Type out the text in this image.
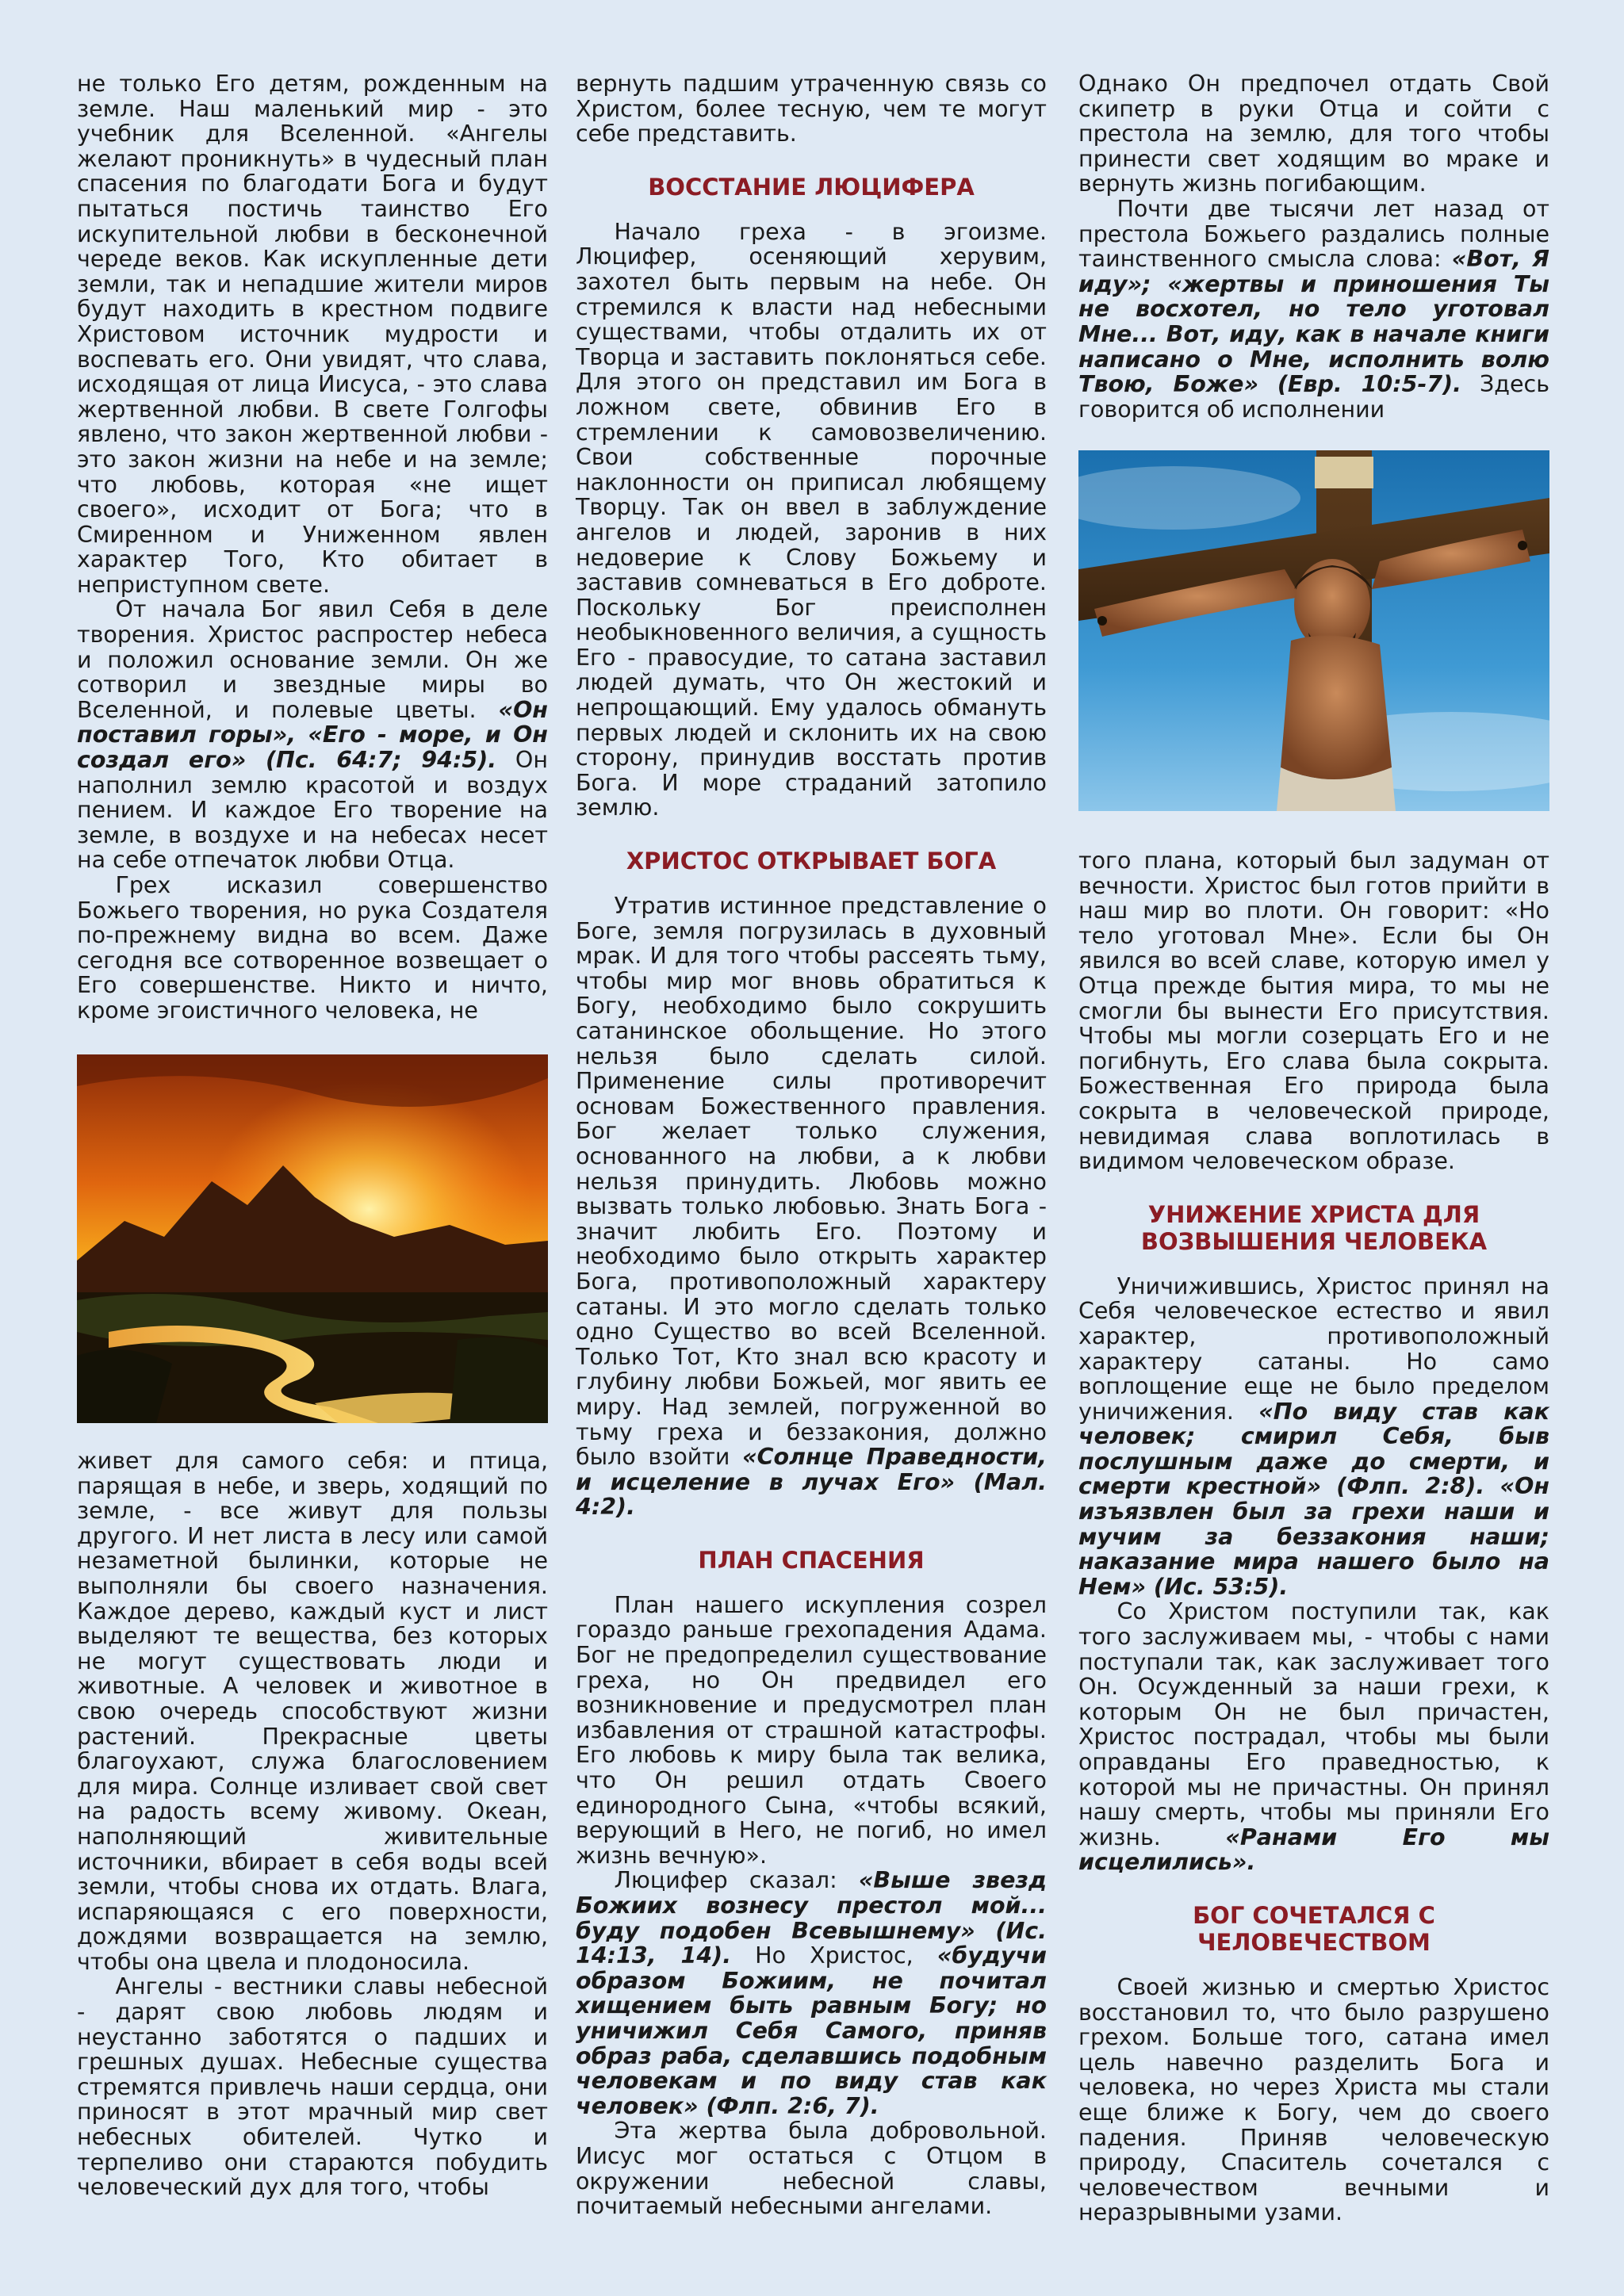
не только Его детям, рожденным на земле. Наш маленький мир - это учебник для Вселенной. «Ангелы желают проникнуть» в чудесный план спасения по благодати Бога и будут пытаться постичь таинство Его искупительной любви в бесконечной череде веков. Как искупленные дети земли, так и непадшие жители миров будут находить в крестном подвиге Христовом источник мудрости и воспевать его. Они увидят, что слава, исходящая от лица Иисуса, - это слава жертвенной любви. В свете Голгофы явлено, что закон жертвенной любви - это закон жизни на небе и на земле; что любовь, которая «не ищет своего», исходит от Бога; что в Смиренном и Униженном явлен характер Того, Кто обитает в неприступном свете.

От начала Бог явил Себя в деле творения. Христос распростер небеса и положил основание земли. Он же сотворил и звездные миры во Вселенной, и полевые цветы. «Он поставил горы», «Его - море, и Он создал его» (Пс. 64:7; 94:5). Он наполнил землю красотой и воздух пением. И каждое Его творение на земле, в воздухе и на небесах несет на себе отпечаток любви Отца.

Грех исказил совершенство Божьего творения, но рука Создателя по-прежнему видна во всем. Даже сегодня все сотворенное возвещает о Его совершенстве. Никто и ничто, кроме эгоистичного человека, не

живет для самого себя: и птица, парящая в небе, и зверь, ходящий по земле, - все живут для пользы другого. И нет листа в лесу или самой незаметной былинки, которые не выполняли бы своего назначения. Каждое дерево, каждый куст и лист выделяют те вещества, без которых не могут существовать люди и животные. А человек и животное в свою очередь способствуют жизни растений. Прекрасные цветы благоухают, служа благословением для мира. Солнце изливает свой свет на радость всему живому. Океан, наполняющий живительные источники, вбирает в себя воды всей земли, чтобы снова их отдать. Влага, испаряющаяся с его поверхности, дождями возвращается на землю, чтобы она цвела и плодоносила.

Ангелы - вестники славы небесной - дарят свою любовь людям и неустанно заботятся о падших и грешных душах. Небесные существа стремятся привлечь наши сердца, они приносят в этот мрачный мир свет небесных обителей. Чутко и терпеливо они стараются побудить человеческий дух для того, чтобы

вернуть падшим утраченную связь со Христом, более тесную, чем те могут себе представить.

ВОССТАНИЕ ЛЮЦИФЕРА

Начало греха - в эгоизме. Люцифер, осеняющий херувим, захотел быть первым на небе. Он стремился к власти над небесными существами, чтобы отдалить их от Творца и заставить поклоняться себе. Для этого он представил им Бога в ложном свете, обвинив Его в стремлении к самовозвеличению. Свои собственные порочные наклонности он приписал любящему Творцу. Так он ввел в заблуждение ангелов и людей, заронив в них недоверие к Слову Божьему и заставив сомневаться в Его доброте. Поскольку Бог преисполнен необыкновенного величия, а сущность Его - правосудие, то сатана заставил людей думать, что Он жестокий и непрощающий. Ему удалось обмануть первых людей и склонить их на свою сторону, принудив восстать против Бога. И море страданий затопило землю.

ХРИСТОС ОТКРЫВАЕТ БОГА

Утратив истинное представление о Боге, земля погрузилась в духовный мрак. И для того чтобы рассеять тьму, чтобы мир мог вновь обратиться к Богу, необходимо было сокрушить сатанинское обольщение. Но этого нельзя было сделать силой. Применение силы противоречит основам Божественного правления. Бог желает только служения, основанного на любви, а к любви нельзя принудить. Любовь можно вызвать только любовью. Знать Бога - значит любить Его. Поэтому и необходимо было открыть характер Бога, противоположный характеру сатаны. И это могло сделать только одно Существо во всей Вселенной. Только Тот, Кто знал всю красоту и глубину любви Божьей, мог явить ее миру. Над землей, погруженной во тьму греха и беззакония, должно было взойти «Солнце Праведности, и исцеление в лучах Его» (Мал. 4:2).

ПЛАН СПАСЕНИЯ

План нашего искупления созрел гораздо раньше грехопадения Адама. Бог не предопределил существование греха, но Он предвидел его возникновение и предусмотрел план избавления от страшной катастрофы. Его любовь к миру была так велика, что Он решил отдать Своего единородного Сына, «чтобы всякий, верующий в Него, не погиб, но имел жизнь вечную».

Люцифер сказал: «Выше звезд Божиих вознесу престол мой... буду подобен Всевышнему» (Ис. 14:13, 14). Но Христос, «будучи образом Божиим, не почитал хищением быть равным Богу; но уничижил Себя Самого, приняв образ раба, сделавшись подобным человекам и по виду став как человек» (Флп. 2:6, 7).

Эта жертва была добровольной. Иисус мог остаться с Отцом в окружении небесной славы, почитаемый небесными ангелами.

Однако Он предпочел отдать Свой скипетр в руки Отца и сойти с престола на землю, для того чтобы принести свет ходящим во мраке и вернуть жизнь погибающим.

Почти две тысячи лет назад от престола Божьего раздались полные таинственного смысла слова: «Вот, Я иду»; «жертвы и приношения Ты не восхотел, но тело уготовал Мне... Вот, иду, как в начале книги написано о Мне, исполнить волю Твою, Боже» (Евр. 10:5-7). Здесь говорится об исполнении

того плана, который был задуман от вечности. Христос был готов прийти в наш мир во плоти. Он говорит: «Но тело уготовал Мне». Если бы Он явился во всей славе, которую имел у Отца прежде бытия мира, то мы не смогли бы вынести Его присутствия. Чтобы мы могли созерцать Его и не погибнуть, Его слава была сокрыта. Божественная Его природа была сокрыта в человеческой природе, невидимая слава воплотилась в видимом человеческом образе.

УНИЖЕНИЕ ХРИСТА ДЛЯ ВОЗВЫШЕНИЯ ЧЕЛОВЕКА

Уничижившись, Христос принял на Себя человеческое естество и явил характер, противоположный характеру сатаны. Но само воплощение еще не было пределом уничижения. «По виду став как человек; смирил Себя, быв послушным даже до смерти, и смерти крестной» (Флп. 2:8). «Он изъязвлен был за грехи наши и мучим за беззакония наши; наказание мира нашего было на Нем» (Ис. 53:5).

Со Христом поступили так, как того заслуживаем мы, - чтобы с нами поступали так, как заслуживает того Он. Осужденный за наши грехи, к которым Он не был причастен, Христос пострадал, чтобы мы были оправданы Его праведностью, к которой мы не причастны. Он принял нашу смерть, чтобы мы приняли Его жизнь.	«Ранами Его мы исцелились».

БОГ СОЧЕТАЛСЯ С ЧЕЛОВЕЧЕСТВОМ

Своей жизнью и смертью Христос восстановил то, что было разрушено грехом. Больше того, сатана имел цель навечно разделить Бога и человека, но через Христа мы стали еще ближе к Богу, чем до своего падения. Приняв человеческую природу, Спаситель сочетался с человечеством вечными и неразрывными узами.
